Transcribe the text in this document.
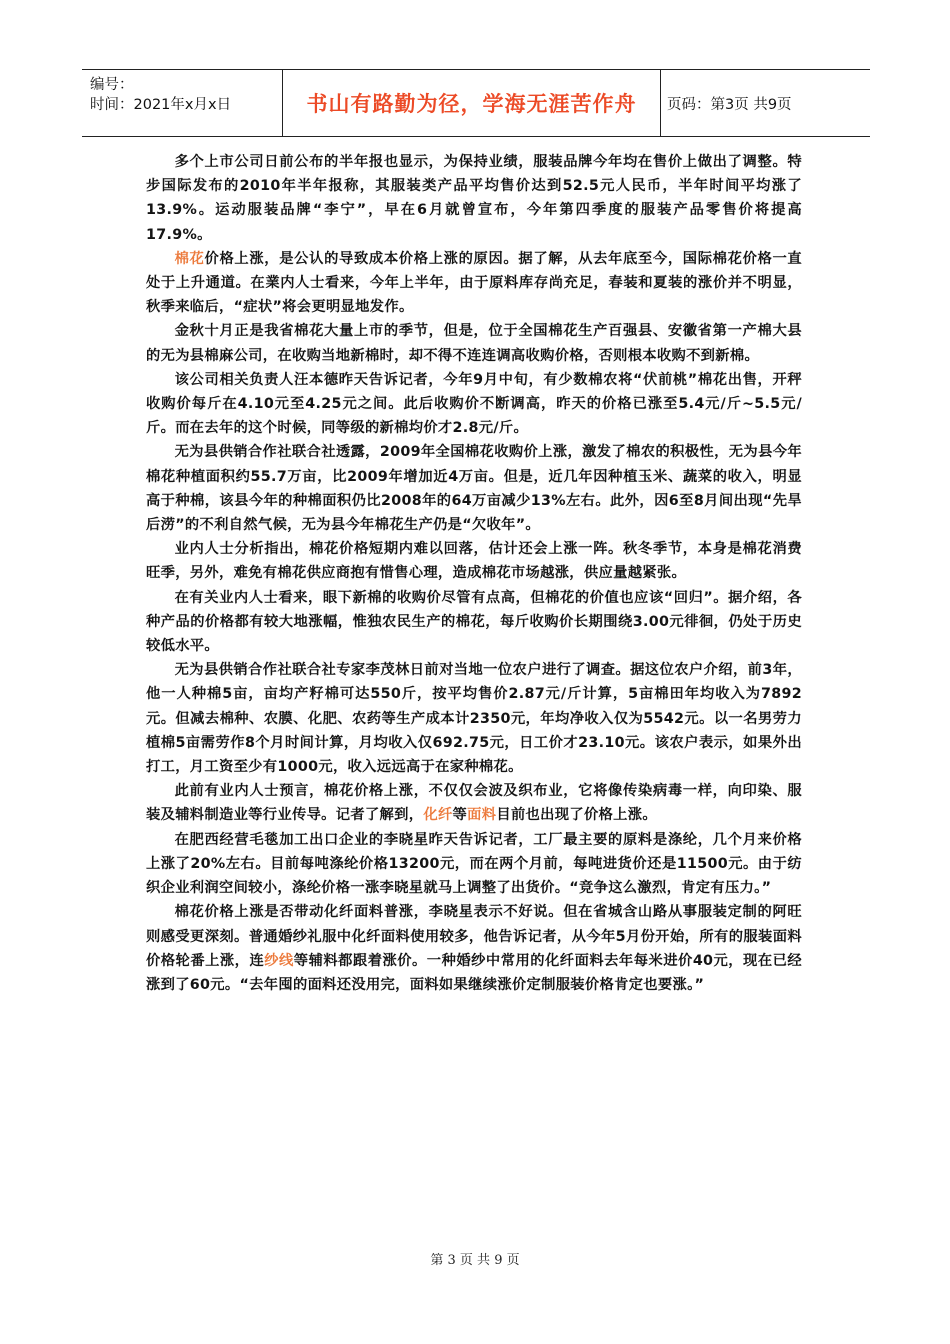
编号：
时间：2021年x月x日	书山有路勤为径，学海无涯苦作舟	页码：第3页 共9页

多个上市公司日前公布的半年报也显示，为保持业绩，服装品牌今年均在售价上做出了调整。特步国际发布的2010年半年报称，其服装类产品平均售价达到52.5元人民币，半年时间平均涨了13.9%。运动服装品牌“李宁”，早在6月就曾宣布，今年第四季度的服装产品零售价将提高17.9%。

棉花价格上涨，是公认的导致成本价格上涨的原因。据了解，从去年底至今，国际棉花价格一直处于上升通道。在業内人士看来，今年上半年，由于原料库存尚充足，春装和夏装的涨价并不明显，秋季来临后，“症状”将会更明显地发作。

金秋十月正是我省棉花大量上市的季节，但是，位于全国棉花生产百强县、安徽省第一产棉大县的无为县棉麻公司，在收购当地新棉时，却不得不连连调高收购价格，否则根本收购不到新棉。

该公司相关负责人汪本德昨天告诉记者，今年9月中旬，有少数棉农将“伏前桃”棉花出售，开秤收购价每斤在4.10元至4.25元之间。此后收购价不断调高，昨天的价格已涨至5.4元/斤~5.5元/斤。而在去年的这个时候，同等级的新棉均价才2.8元/斤。

无为县供销合作社联合社透露，2009年全国棉花收购价上涨，激发了棉农的积极性，无为县今年棉花种植面积约55.7万亩，比2009年增加近4万亩。但是，近几年因种植玉米、蔬菜的收入，明显高于种棉，该县今年的种棉面积仍比2008年的64万亩减少13%左右。此外，因6至8月间出现“先旱后涝”的不利自然气候，无为县今年棉花生产仍是“欠收年”。

业内人士分析指出，棉花价格短期内难以回落，估计还会上涨一阵。秋冬季节，本身是棉花消费旺季，另外，难免有棉花供应商抱有惜售心理，造成棉花市场越涨，供应量越紧张。

在有关业内人士看来，眼下新棉的收购价尽管有点高，但棉花的价值也应该“回归”。据介绍，各种产品的价格都有较大地涨幅，惟独农民生产的棉花，每斤收购价长期围绕3.00元徘徊，仍处于历史较低水平。

无为县供销合作社联合社专家李茂林日前对当地一位农户进行了调查。据这位农户介绍，前3年，他一人种棉5亩，亩均产籽棉可达550斤，按平均售价2.87元/斤计算，5亩棉田年均收入为7892元。但减去棉种、农膜、化肥、农药等生产成本计2350元，年均净收入仅为5542元。以一名男劳力植棉5亩需劳作8个月时间计算，月均收入仅692.75元，日工价才23.10元。该农户表示，如果外出打工，月工资至少有1000元，收入远远高于在家种棉花。

此前有业内人士预言，棉花价格上涨，不仅仅会波及织布业，它将像传染病毒一样，向印染、服装及辅料制造业等行业传导。记者了解到，化纤等面料目前也出现了价格上涨。

在肥西经营毛毯加工出口企业的李晓星昨天告诉记者，工厂最主要的原料是涤纶，几个月来价格上涨了20%左右。目前每吨涤纶价格13200元，而在两个月前，每吨进货价还是11500元。由于纺织企业利润空间较小，涤纶价格一涨李晓星就马上调整了出货价。“竞争这么激烈，肯定有压力。”

棉花价格上涨是否带动化纤面料普涨，李晓星表示不好说。但在省城含山路从事服装定制的阿旺则感受更深刻。普通婚纱礼服中化纤面料使用较多，他告诉记者，从今年5月份开始，所有的服装面料价格轮番上涨，连纱线等辅料都跟着涨价。一种婚纱中常用的化纤面料去年每米进价40元，现在已经涨到了60元。“去年囤的面料还没用完，面料如果继续涨价定制服装价格肯定也要涨。”

第 3 页 共 9 页
